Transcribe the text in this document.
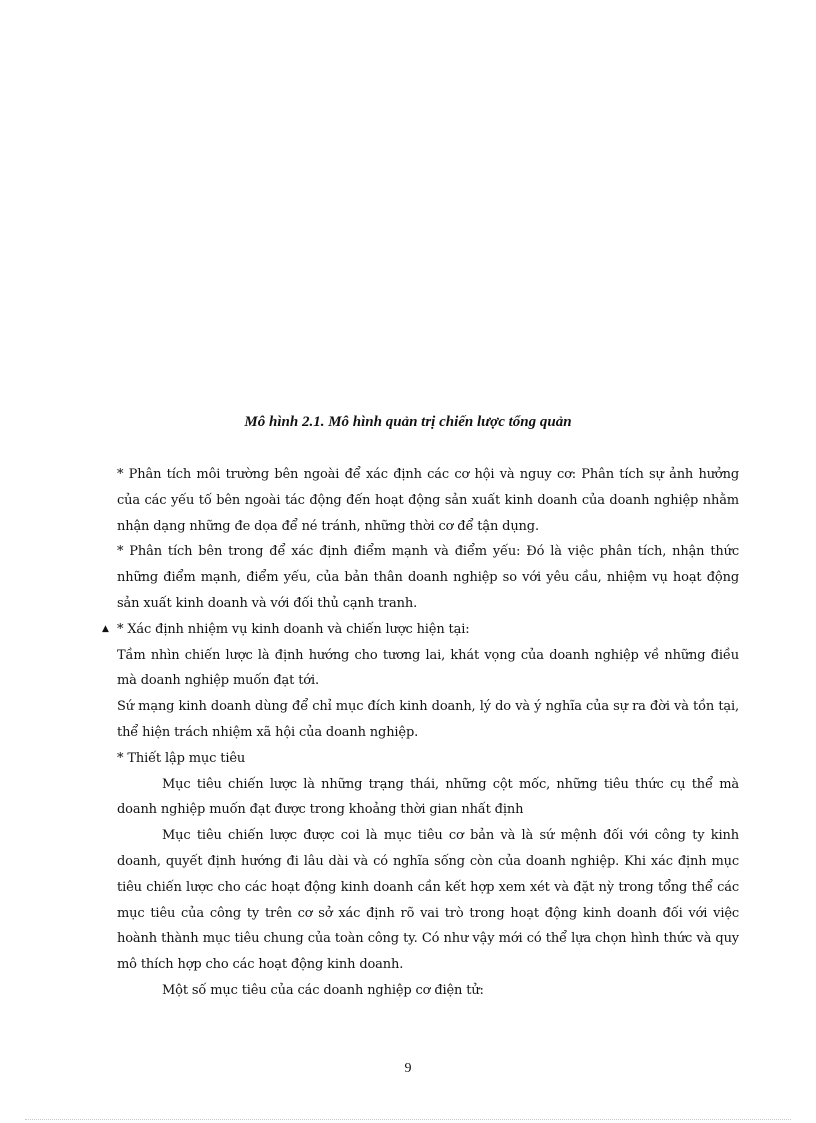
Mô hình 2.1. Mô hình quản trị chiến lược tổng quản

* Phân tích môi trường bên ngoài để xác định các cơ hội và nguy cơ: Phân tích sự ảnh hưởng của các yếu tố bên ngoài tác động đến hoạt động sản xuất kinh doanh của doanh nghiệp nhằm nhận dạng những đe dọa để né tránh, những thời cơ để tận dụng.

* Phân tích bên trong để xác định điểm mạnh và điểm yếu: Đó là việc phân tích, nhận thức những điểm mạnh, điểm yếu, của bản thân doanh nghiệp so với yêu cầu, nhiệm vụ hoạt động sản xuất kinh doanh và với đối thủ cạnh tranh.

▲ * Xác định nhiệm vụ kinh doanh và chiến lược hiện tại:

Tầm nhìn chiến lược là định hướng cho tương lai, khát vọng của doanh nghiệp về những điều mà doanh nghiệp muốn đạt tới.

Sứ mạng kinh doanh dùng để chỉ mục đích kinh doanh, lý do và ý nghĩa của sự ra đời và tồn tại, thể hiện trách nhiệm xã hội của doanh nghiệp.

* Thiết lập mục tiêu

Mục tiêu chiến lược là những trạng thái, những cột mốc, những tiêu thức cụ thể mà doanh nghiệp muốn đạt được trong khoảng thời gian nhất định

Mục tiêu chiến lược được coi là mục tiêu cơ bản và là sứ mệnh đối với công ty kinh doanh, quyết định hướng đi lâu dài và có nghĩa sống còn của doanh nghiệp. Khi xác định mục tiêu chiến lược cho các hoạt động kinh doanh cần kết hợp xem xét và đặt nỳ trong tổng thể các mục tiêu của công ty trên cơ sở xác định rõ vai trò trong hoạt động kinh doanh đối với việc hoành thành mục tiêu chung của toàn công ty. Có như vậy mới có thể lựa chọn hình thức và quy mô thích hợp cho các hoạt động kinh doanh.

Một số mục tiêu của các doanh nghiệp cơ điện tử:

9
